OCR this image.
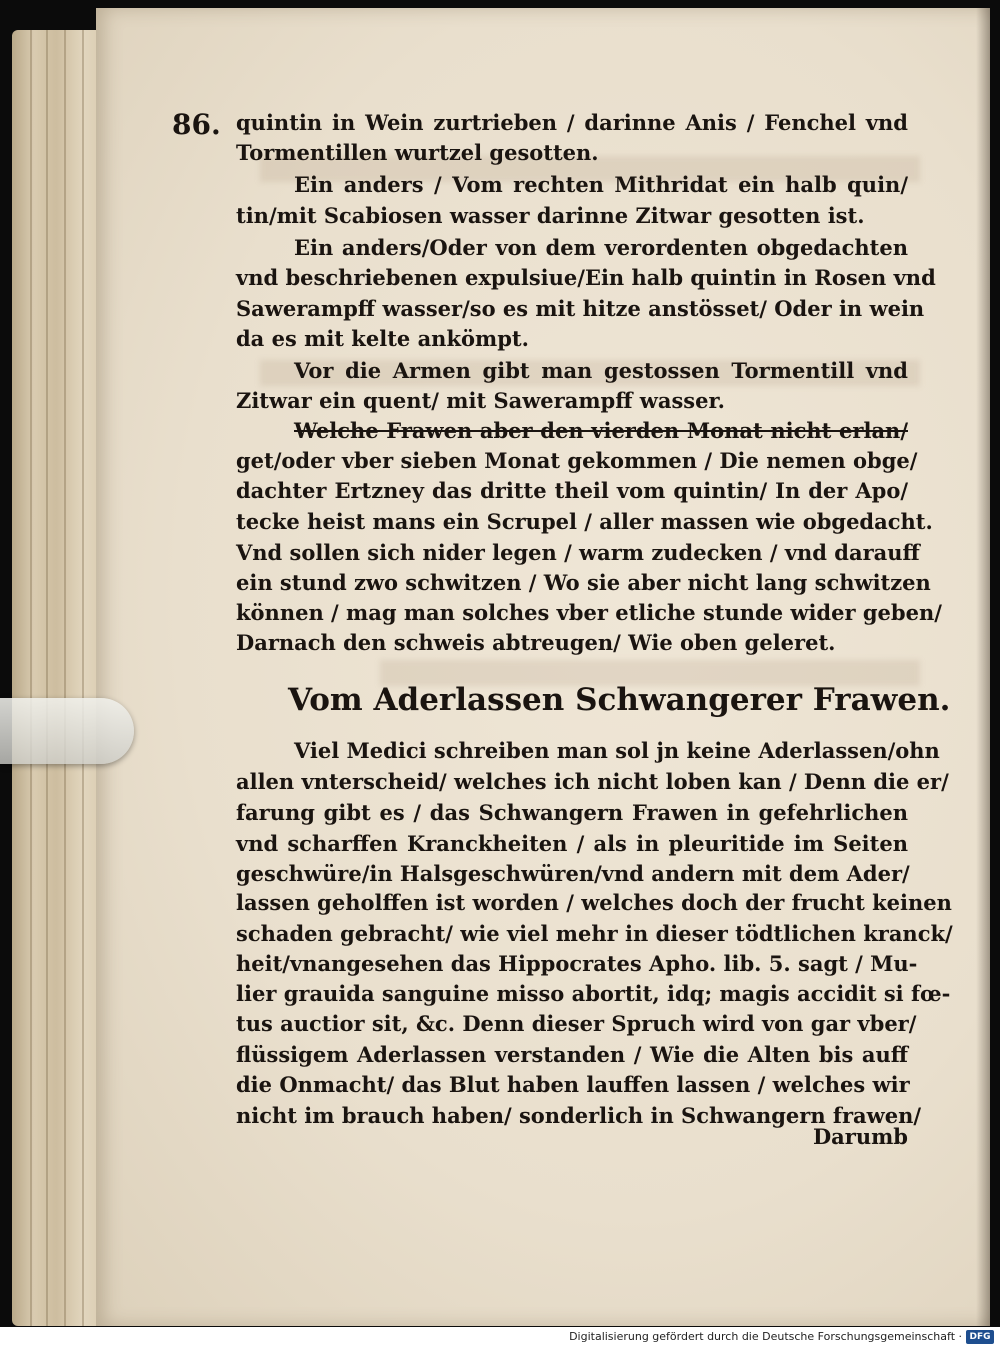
86. quintin in Wein zurtrieben / darinne Anis / Fenchel vnd
Tormentillen wurtzel gesotten.
Ein anders / Vom rechten Mithridat ein halb quin/
tin/mit Scabiosen wasser darinne Zitwar gesotten ist.
Ein anders/Oder von dem verordenten obgedachten
vnd beschriebenen expulsiue/Ein halb quintin in Rosen vnd
Sawerampff wasser/so es mit hitze anstösset/ Oder in wein
da es mit kelte ankömpt.
Vor die Armen gibt man gestossen Tormentill vnd
Zitwar ein quent/ mit Sawerampff wasser.
Welche Frawen aber den vierden Monat nicht erlan/
get/oder vber sieben Monat gekommen / Die nemen obge/
dachter Ertzney das dritte theil vom quintin/ In der Apo/
tecke heist mans ein Scrupel / aller massen wie obgedacht.
Vnd sollen sich nider legen / warm zudecken / vnd darauff
ein stund zwo schwitzen / Wo sie aber nicht lang schwitzen
können / mag man solches vber etliche stunde wider geben/
Darnach den schweis abtreugen/ Wie oben geleret.
Vom Aderlassen Schwangerer Frawen.
Viel Medici schreiben man sol jn keine Aderlassen/ohn
allen vnterscheid/ welches ich nicht loben kan / Denn die er/
farung gibt es / das Schwangern Frawen in gefehrlichen
vnd scharffen Kranckheiten / als in pleuritide im Seiten
geschwüre/in Halsgeschwüren/vnd andern mit dem Ader/
lassen geholffen ist worden / welches doch der frucht keinen
schaden gebracht/ wie viel mehr in dieser tödtlichen kranck/
heit/vnangesehen das Hippocrates Apho. lib. 5. sagt / Mu-
lier grauida sanguine misso abortit, idq; magis accidit si fœ-
tus auctior sit, &c. Denn dieser Spruch wird von gar vber/
flüssigem Aderlassen verstanden / Wie die Alten bis auff
die Onmacht/ das Blut haben lauffen lassen / welches wir
nicht im brauch haben/ sonderlich in Schwangern frawen/
Darumb
Digitalisierung gefördert durch die Deutsche Forschungsgemeinschaft · DFG
